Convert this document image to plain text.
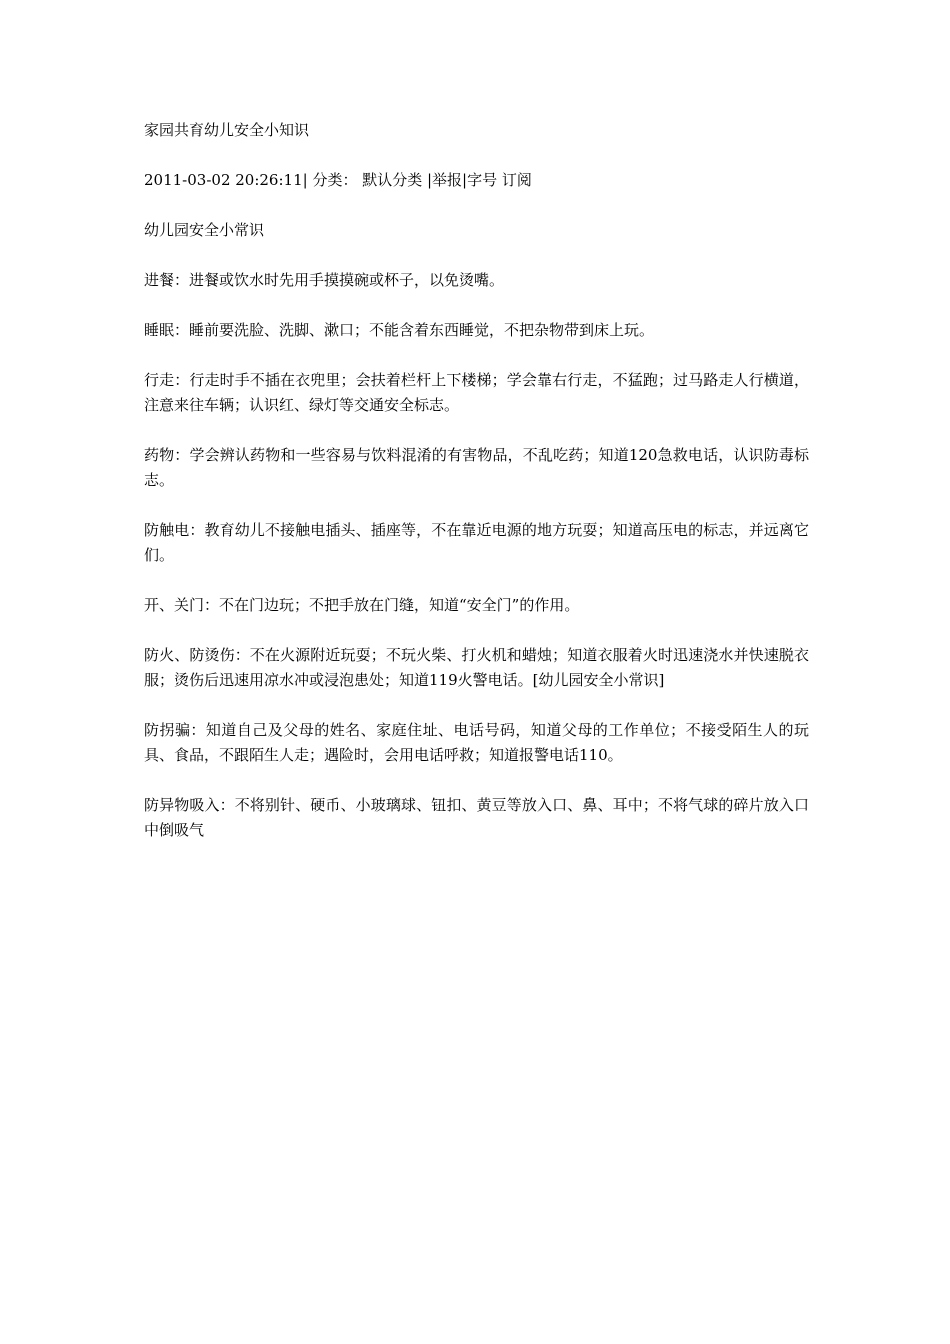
家园共育幼儿安全小知识

2011-03-02 20:26:11| 分类： 默认分类 |举报|字号 订阅

幼儿园安全小常识

进餐：进餐或饮水时先用手摸摸碗或杯子，以免烫嘴。

睡眠：睡前要洗脸、洗脚、漱口；不能含着东西睡觉，不把杂物带到床上玩。

行走：行走时手不插在衣兜里；会扶着栏杆上下楼梯；学会靠右行走，不猛跑；过马路走人行横道，注意来往车辆；认识红、绿灯等交通安全标志。

药物：学会辨认药物和一些容易与饮料混淆的有害物品，不乱吃药；知道120急救电话，认识防毒标志。

防触电：教育幼儿不接触电插头、插座等，不在靠近电源的地方玩耍；知道高压电的标志，并远离它们。

开、关门：不在门边玩；不把手放在门缝，知道“安全门”的作用。

防火、防烫伤：不在火源附近玩耍；不玩火柴、打火机和蜡烛；知道衣服着火时迅速浇水并快速脱衣服；烫伤后迅速用凉水冲或浸泡患处；知道119火警电话。[幼儿园安全小常识]

防拐骗：知道自己及父母的姓名、家庭住址、电话号码，知道父母的工作单位；不接受陌生人的玩具、食品，不跟陌生人走；遇险时，会用电话呼救；知道报警电话110。

防异物吸入：不将别针、硬币、小玻璃球、钮扣、黄豆等放入口、鼻、耳中；不将气球的碎片放入口中倒吸气
